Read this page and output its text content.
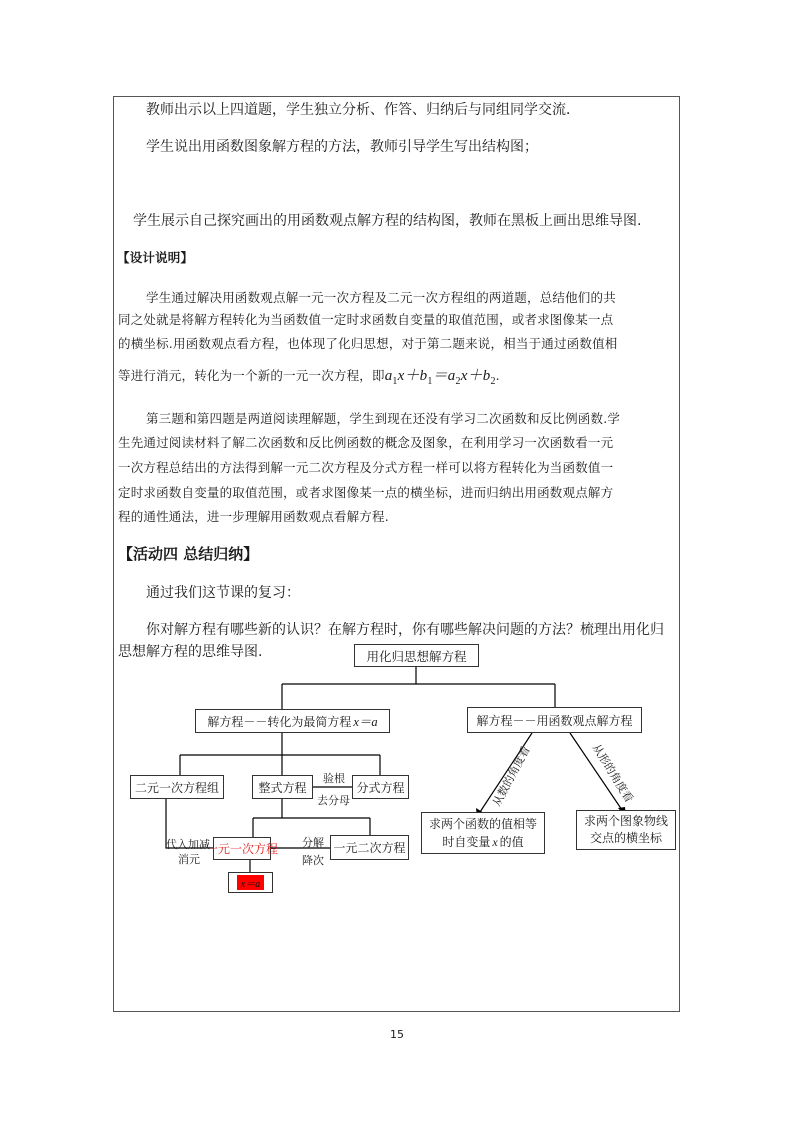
教师出示以上四道题，学生独立分析、作答、归纳后与同组同学交流．
学生说出用函数图象解方程的方法，教师引导学生写出结构图；
学生展示自己探究画出的用函数观点解方程的结构图，教师在黑板上画出思维导图.
【设计说明】
学生通过解决用函数观点解一元一次方程及二元一次方程组的两道题，总结他们的共
同之处就是将解方程转化为当函数值一定时求函数自变量的取值范围，或者求图像某一点
的横坐标.用函数观点看方程，也体现了化归思想，对于第二题来说，相当于通过函数值相
等进行消元，转化为一个新的一元一次方程，即$a_1x+b_1=a_2x+b_2$.
第三题和第四题是两道阅读理解题，学生到现在还没有学习二次函数和反比例函数.学
生先通过阅读材料了解二次函数和反比例函数的概念及图象，在利用学习一次函数看一元
一次方程总结出的方法得到解一元二次方程及分式方程一样可以将方程转化为当函数值一
定时求函数自变量的取值范围，或者求图像某一点的横坐标，进而归纳出用函数观点解方
程的通性通法，进一步理解用函数观点看解方程.
【活动四 总结归纳】
通过我们这节课的复习：
你对解方程有哪些新的认识？在解方程时，你有哪些解决问题的方法？梳理出用化归
思想解方程的思维导图.	用化归思想解方程
解方程－－转化为最简方程 x＝a	解方程－－用函数观点解方程
二元一次方程组	整式方程	分式方程
一元一次方程	一元二次方程
x＝a
求两个函数的值相等
时自变量 x 的值
求两个图象物线
交点的横坐标
验根
去分母
代入加减
消元
分解
降次
从数的角度看	从形的角度看
15
